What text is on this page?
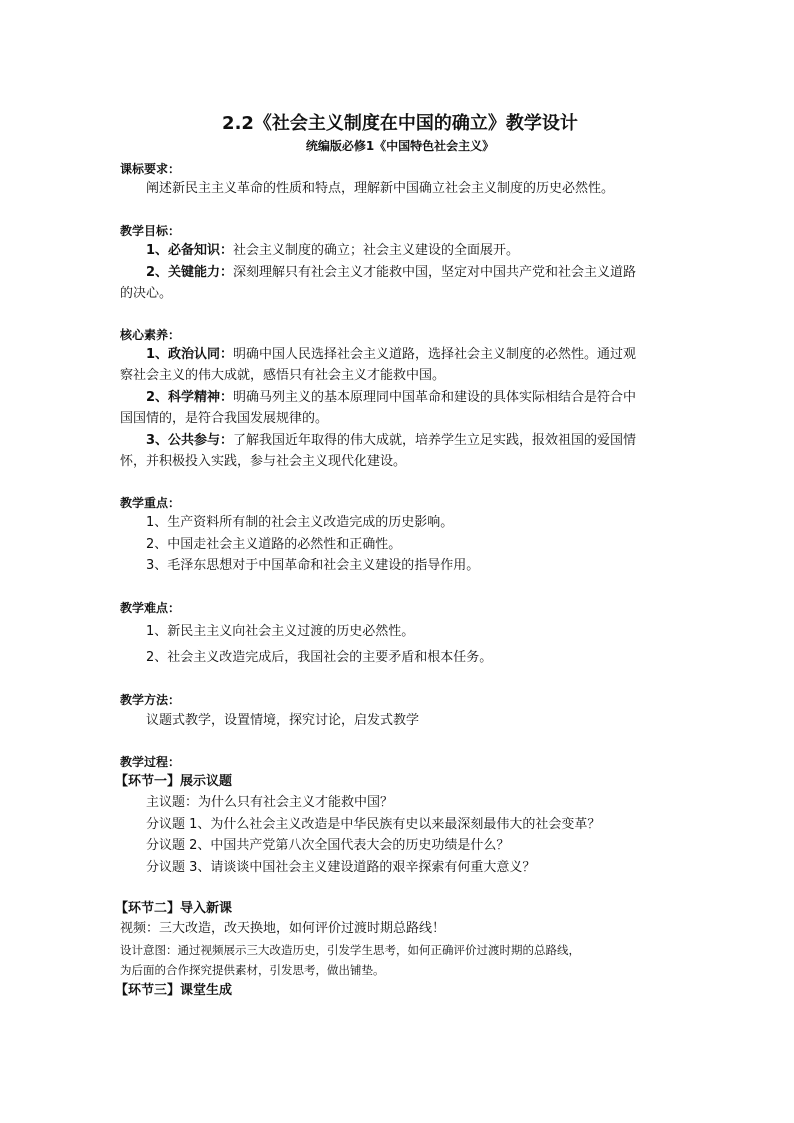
2.2《社会主义制度在中国的确立》教学设计
统编版必修1《中国特色社会主义》
课标要求：
阐述新民主主义革命的性质和特点，理解新中国确立社会主义制度的历史必然性。
教学目标：
1、必备知识：社会主义制度的确立；社会主义建设的全面展开。
2、关键能力：深刻理解只有社会主义才能救中国，坚定对中国共产党和社会主义道路
的决心。
核心素养：
1、政治认同：明确中国人民选择社会主义道路，选择社会主义制度的必然性。通过观
察社会主义的伟大成就，感悟只有社会主义才能救中国。
2、科学精神：明确马列主义的基本原理同中国革命和建设的具体实际相结合是符合中
国国情的，是符合我国发展规律的。
3、公共参与：了解我国近年取得的伟大成就，培养学生立足实践，报效祖国的爱国情
怀，并积极投入实践，参与社会主义现代化建设。
教学重点：
1、生产资料所有制的社会主义改造完成的历史影响。
2、中国走社会主义道路的必然性和正确性。
3、毛泽东思想对于中国革命和社会主义建设的指导作用。
教学难点：
1、新民主主义向社会主义过渡的历史必然性。
2、社会主义改造完成后，我国社会的主要矛盾和根本任务。
教学方法：
议题式教学，设置情境，探究讨论，启发式教学
教学过程：
【环节一】展示议题
主议题：为什么只有社会主义才能救中国？
分议题 1、为什么社会主义改造是中华民族有史以来最深刻最伟大的社会变革？
分议题 2、中国共产党第八次全国代表大会的历史功绩是什么？
分议题 3、请谈谈中国社会主义建设道路的艰辛探索有何重大意义？
【环节二】导入新课
视频：三大改造，改天换地，如何评价过渡时期总路线！
设计意图：通过视频展示三大改造历史，引发学生思考，如何正确评价过渡时期的总路线，
为后面的合作探究提供素材，引发思考，做出铺垫。
【环节三】课堂生成
